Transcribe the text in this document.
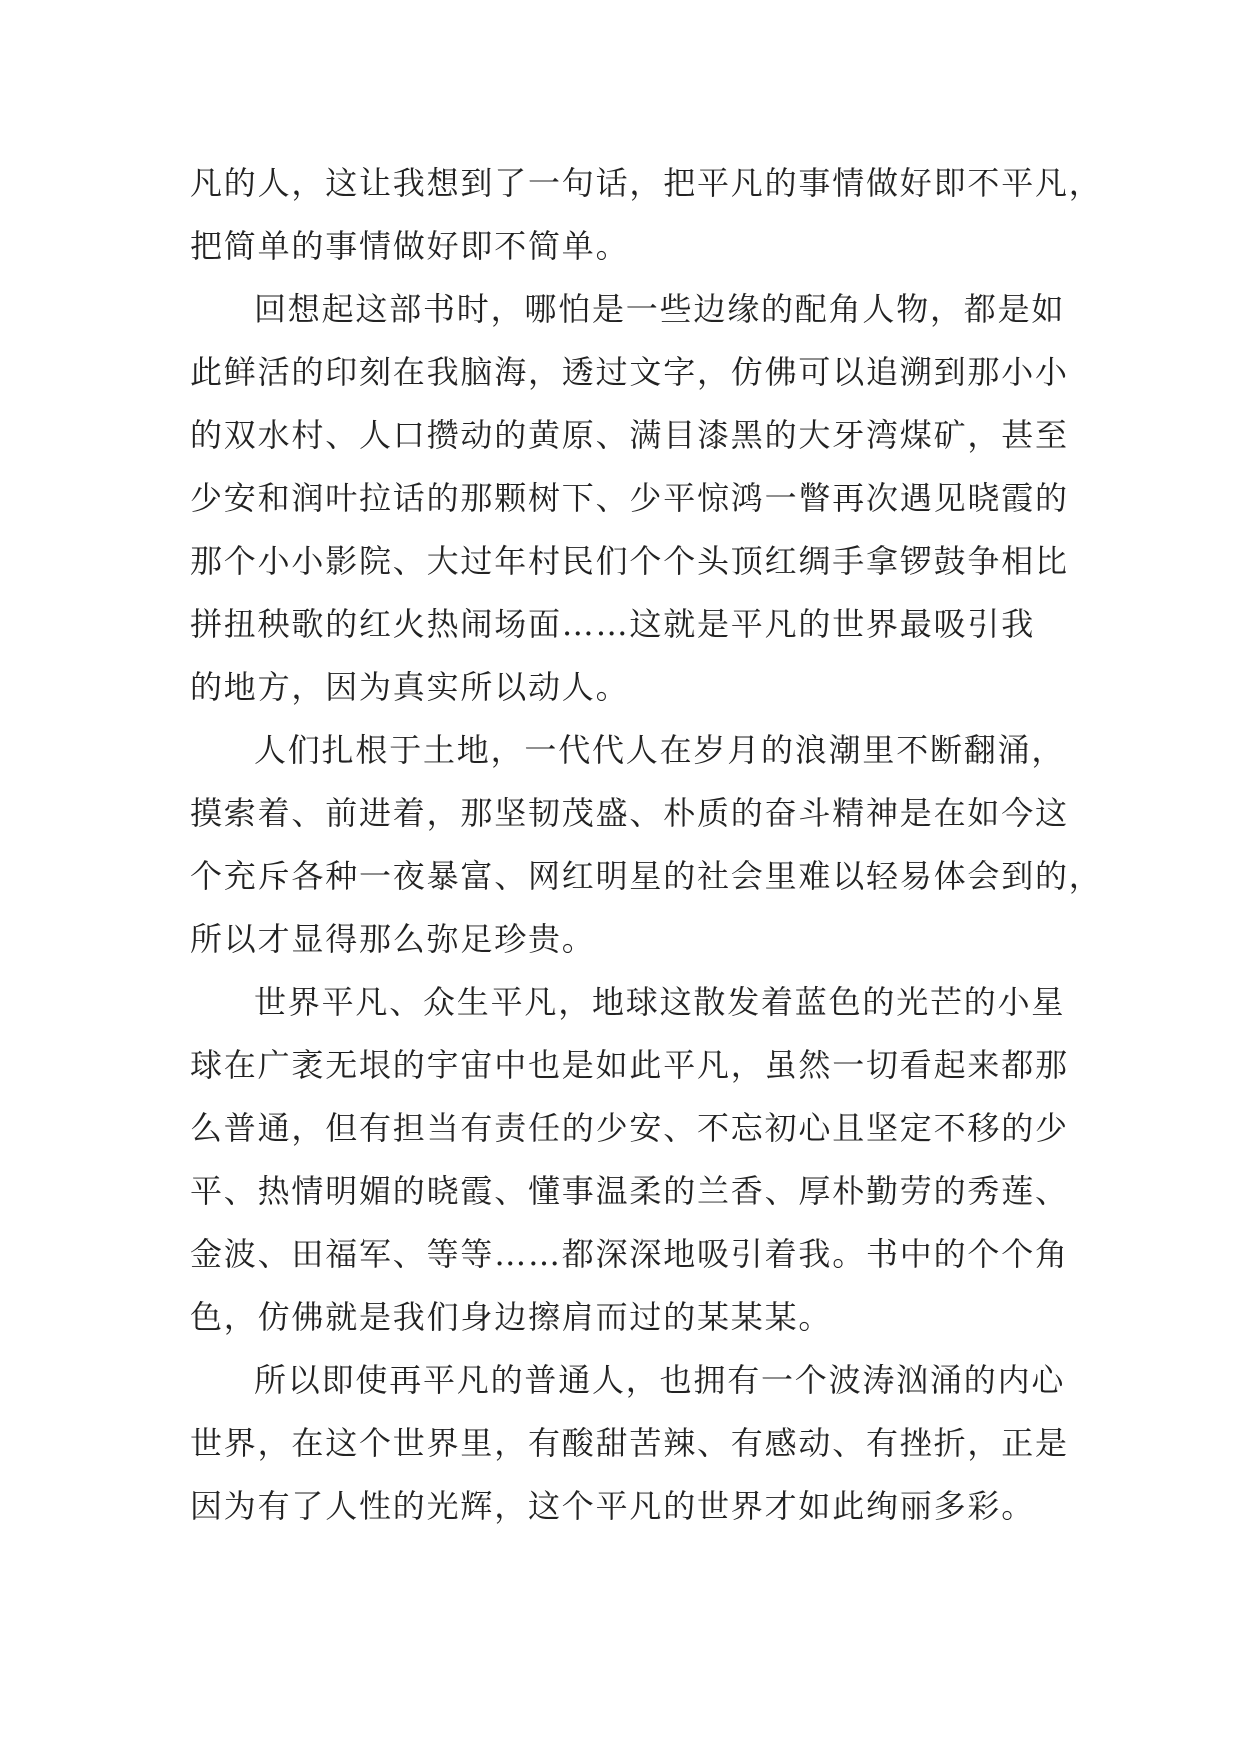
凡的人，这让我想到了一句话，把平凡的事情做好即不平凡，
把简单的事情做好即不简单。
回想起这部书时，哪怕是一些边缘的配角人物，都是如
此鲜活的印刻在我脑海，透过文字，仿佛可以追溯到那小小
的双水村、人口攒动的黄原、满目漆黑的大牙湾煤矿，甚至
少安和润叶拉话的那颗树下、少平惊鸿一瞥再次遇见晓霞的
那个小小影院、大过年村民们个个头顶红绸手拿锣鼓争相比
拼扭秧歌的红火热闹场面……这就是平凡的世界最吸引我
的地方，因为真实所以动人。
人们扎根于土地，一代代人在岁月的浪潮里不断翻涌，
摸索着、前进着，那坚韧茂盛、朴质的奋斗精神是在如今这
个充斥各种一夜暴富、网红明星的社会里难以轻易体会到的，
所以才显得那么弥足珍贵。
世界平凡、众生平凡，地球这散发着蓝色的光芒的小星
球在广袤无垠的宇宙中也是如此平凡，虽然一切看起来都那
么普通，但有担当有责任的少安、不忘初心且坚定不移的少
平、热情明媚的晓霞、懂事温柔的兰香、厚朴勤劳的秀莲、
金波、田福军、等等……都深深地吸引着我。书中的个个角
色，仿佛就是我们身边擦肩而过的某某某。
所以即使再平凡的普通人，也拥有一个波涛汹涌的内心
世界，在这个世界里，有酸甜苦辣、有感动、有挫折，正是
因为有了人性的光辉，这个平凡的世界才如此绚丽多彩。
